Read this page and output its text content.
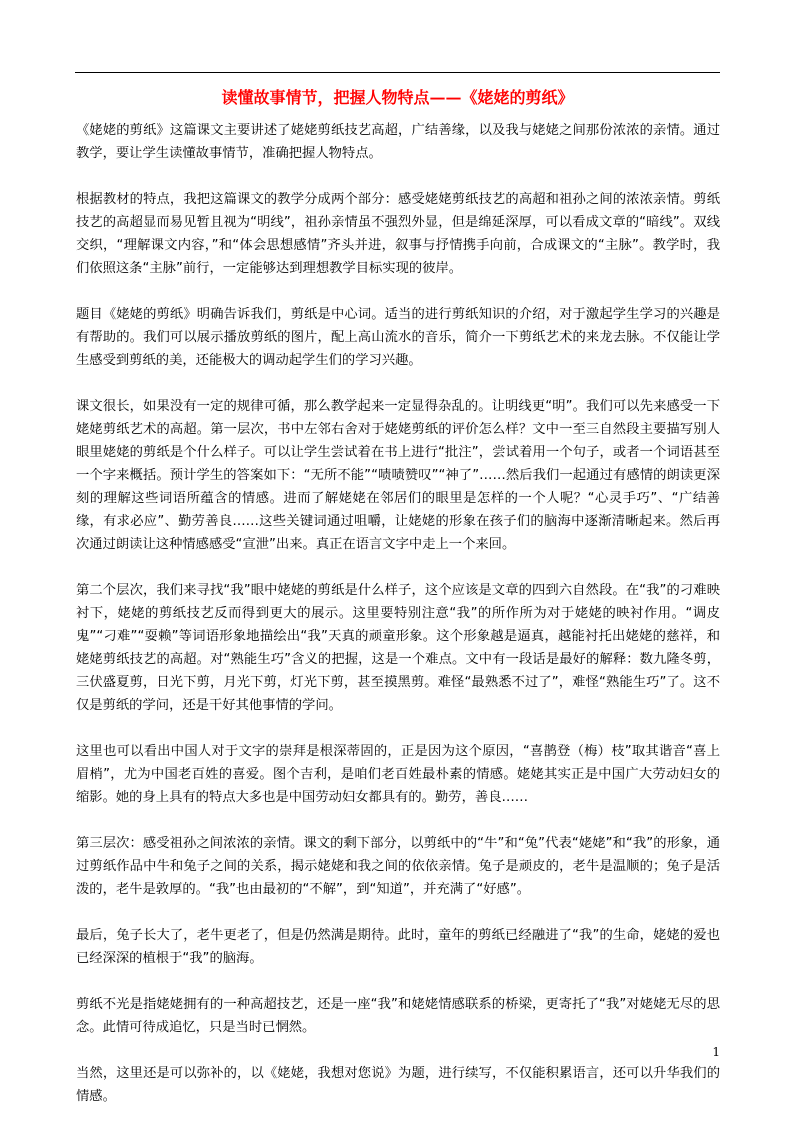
读懂故事情节，把握人物特点——《姥姥的剪纸》

《姥姥的剪纸》这篇课文主要讲述了姥姥剪纸技艺高超，广结善缘，以及我与姥姥之间那份浓浓的亲情。通过教学，要让学生读懂故事情节，准确把握人物特点。

根据教材的特点，我把这篇课文的教学分成两个部分：感受姥姥剪纸技艺的高超和祖孙之间的浓浓亲情。剪纸技艺的高超显而易见暂且视为“明线”，祖孙亲情虽不强烈外显，但是绵延深厚，可以看成文章的“暗线”。双线交织，“理解课文内容，”和“体会思想感情”齐头并进，叙事与抒情携手向前，合成课文的“主脉”。教学时，我们依照这条“主脉”前行，一定能够达到理想教学目标实现的彼岸。

题目《姥姥的剪纸》明确告诉我们，剪纸是中心词。适当的进行剪纸知识的介绍，对于激起学生学习的兴趣是有帮助的。我们可以展示播放剪纸的图片，配上高山流水的音乐，简介一下剪纸艺术的来龙去脉。不仅能让学生感受到剪纸的美，还能极大的调动起学生们的学习兴趣。

课文很长，如果没有一定的规律可循，那么教学起来一定显得杂乱的。让明线更“明”。我们可以先来感受一下姥姥剪纸艺术的高超。第一层次，书中左邻右舍对于姥姥剪纸的评价怎么样？文中一至三自然段主要描写别人眼里姥姥的剪纸是个什么样子。可以让学生尝试着在书上进行“批注”，尝试着用一个句子，或者一个词语甚至一个字来概括。预计学生的答案如下：“无所不能”“啧啧赞叹”“神了”……然后我们一起通过有感情的朗读更深刻的理解这些词语所蕴含的情感。进而了解姥姥在邻居们的眼里是怎样的一个人呢？“心灵手巧”、“广结善缘，有求必应”、勤劳善良……这些关键词通过咀嚼，让姥姥的形象在孩子们的脑海中逐渐清晰起来。然后再次通过朗读让这种情感感受“宣泄”出来。真正在语言文字中走上一个来回。

第二个层次，我们来寻找“我”眼中姥姥的剪纸是什么样子，这个应该是文章的四到六自然段。在“我”的刁难映衬下，姥姥的剪纸技艺反而得到更大的展示。这里要特别注意“我”的所作所为对于姥姥的映衬作用。“调皮鬼”“刁难”“耍赖”等词语形象地描绘出“我”天真的顽童形象。这个形象越是逼真，越能衬托出姥姥的慈祥，和姥姥剪纸技艺的高超。对“熟能生巧”含义的把握，这是一个难点。文中有一段话是最好的解释：数九隆冬剪，三伏盛夏剪，日光下剪，月光下剪，灯光下剪，甚至摸黑剪。难怪“最熟悉不过了”，难怪“熟能生巧”了。这不仅是剪纸的学问，还是干好其他事情的学问。

这里也可以看出中国人对于文字的崇拜是根深蒂固的，正是因为这个原因，“喜鹊登（梅）枝”取其谐音“喜上眉梢”，尤为中国老百姓的喜爱。图个吉利，是咱们老百姓最朴素的情感。姥姥其实正是中国广大劳动妇女的缩影。她的身上具有的特点大多也是中国劳动妇女都具有的。勤劳，善良……

第三层次：感受祖孙之间浓浓的亲情。课文的剩下部分，以剪纸中的“牛”和“兔”代表“姥姥”和“我”的形象，通过剪纸作品中牛和兔子之间的关系，揭示姥姥和我之间的依依亲情。兔子是顽皮的，老牛是温顺的；兔子是活泼的，老牛是敦厚的。“我”也由最初的“不解”，到“知道”，并充满了“好感”。

最后，兔子长大了，老牛更老了，但是仍然满是期待。此时，童年的剪纸已经融进了“我”的生命，姥姥的爱也已经深深的植根于“我”的脑海。

剪纸不光是指姥姥拥有的一种高超技艺，还是一座“我”和姥姥情感联系的桥梁，更寄托了“我”对姥姥无尽的思念。此情可待成追忆，只是当时已惘然。

当然，这里还是可以弥补的，以《姥姥，我想对您说》为题，进行续写，不仅能积累语言，还可以升华我们的情感。

1
